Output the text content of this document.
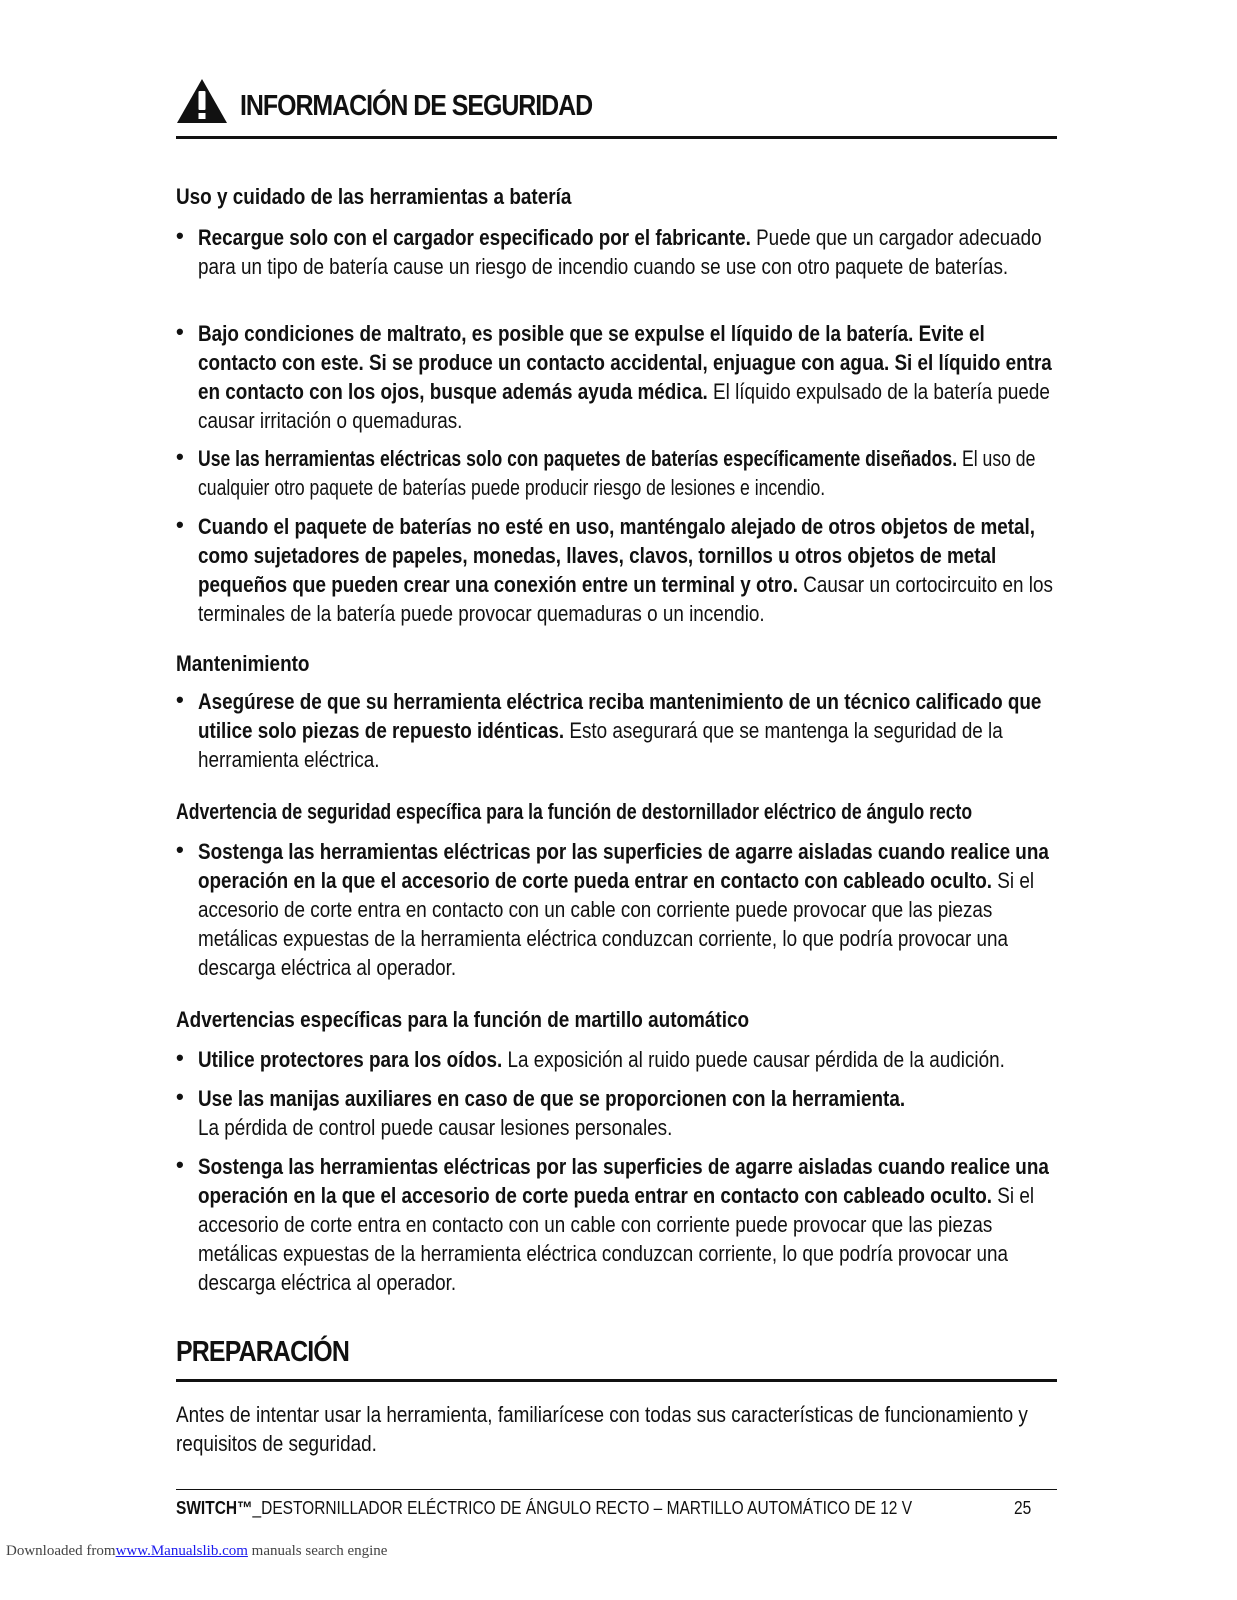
INFORMACIÓN DE SEGURIDAD
Uso y cuidado de las herramientas a batería
• Recargue solo con el cargador especificado por el fabricante. Puede que un cargador adecuado para un tipo de batería cause un riesgo de incendio cuando se use con otro paquete de baterías.
• Bajo condiciones de maltrato, es posible que se expulse el líquido de la batería. Evite el contacto con este. Si se produce un contacto accidental, enjuague con agua. Si el líquido entra en contacto con los ojos, busque además ayuda médica. El líquido expulsado de la batería puede causar irritación o quemaduras.
• Use las herramientas eléctricas solo con paquetes de baterías específicamente diseñados. El uso de cualquier otro paquete de baterías puede producir riesgo de lesiones e incendio.
• Cuando el paquete de baterías no esté en uso, manténgalo alejado de otros objetos de metal, como sujetadores de papeles, monedas, llaves, clavos, tornillos u otros objetos de metal pequeños que pueden crear una conexión entre un terminal y otro. Causar un cortocircuito en los terminales de la batería puede provocar quemaduras o un incendio.
Mantenimiento
• Asegúrese de que su herramienta eléctrica reciba mantenimiento de un técnico calificado que utilice solo piezas de repuesto idénticas. Esto asegurará que se mantenga la seguridad de la herramienta eléctrica.
Advertencia de seguridad específica para la función de destornillador eléctrico de ángulo recto
• Sostenga las herramientas eléctricas por las superficies de agarre aisladas cuando realice una operación en la que el accesorio de corte pueda entrar en contacto con cableado oculto. Si el accesorio de corte entra en contacto con un cable con corriente puede provocar que las piezas metálicas expuestas de la herramienta eléctrica conduzcan corriente, lo que podría provocar una descarga eléctrica al operador.
Advertencias específicas para la función de martillo automático
• Utilice protectores para los oídos. La exposición al ruido puede causar pérdida de la audición.
• Use las manijas auxiliares en caso de que se proporcionen con la herramienta.
La pérdida de control puede causar lesiones personales.
• Sostenga las herramientas eléctricas por las superficies de agarre aisladas cuando realice una operación en la que el accesorio de corte pueda entrar en contacto con cableado oculto. Si el accesorio de corte entra en contacto con un cable con corriente puede provocar que las piezas metálicas expuestas de la herramienta eléctrica conduzcan corriente, lo que podría provocar una descarga eléctrica al operador.
PREPARACIÓN
Antes de intentar usar la herramienta, familiarícese con todas sus características de funcionamiento y requisitos de seguridad.
SWITCH™_DESTORNILLADOR ELÉCTRICO DE ÁNGULO RECTO – MARTILLO AUTOMÁTICO DE 12 V	25
Downloaded fromwww.Manualslib.com manuals search engine
